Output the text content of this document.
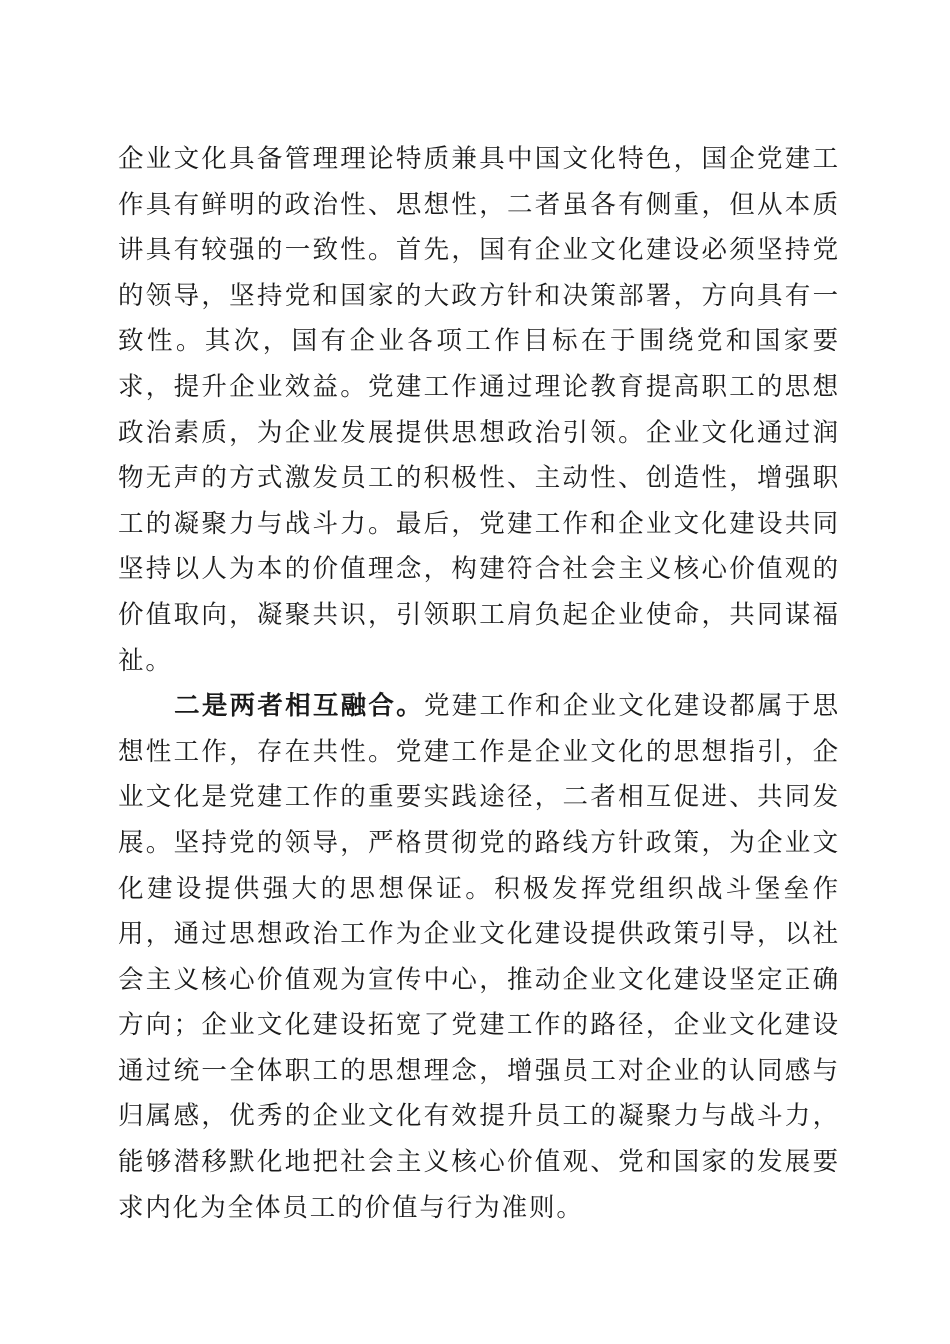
企业文化具备管理理论特质兼具中国文化特色，国企党建工作具有鲜明的政治性、思想性，二者虽各有侧重，但从本质讲具有较强的一致性。首先，国有企业文化建设必须坚持党的领导，坚持党和国家的大政方针和决策部署，方向具有一致性。其次，国有企业各项工作目标在于围绕党和国家要求，提升企业效益。党建工作通过理论教育提高职工的思想政治素质，为企业发展提供思想政治引领。企业文化通过润物无声的方式激发员工的积极性、主动性、创造性，增强职工的凝聚力与战斗力。最后，党建工作和企业文化建设共同坚持以人为本的价值理念，构建符合社会主义核心价值观的价值取向，凝聚共识，引领职工肩负起企业使命，共同谋福祉。

二是两者相互融合。党建工作和企业文化建设都属于思想性工作，存在共性。党建工作是企业文化的思想指引，企业文化是党建工作的重要实践途径，二者相互促进、共同发展。坚持党的领导，严格贯彻党的路线方针政策，为企业文化建设提供强大的思想保证。积极发挥党组织战斗堡垒作用，通过思想政治工作为企业文化建设提供政策引导，以社会主义核心价值观为宣传中心，推动企业文化建设坚定正确方向；企业文化建设拓宽了党建工作的路径，企业文化建设通过统一全体职工的思想理念，增强员工对企业的认同感与归属感，优秀的企业文化有效提升员工的凝聚力与战斗力，能够潜移默化地把社会主义核心价值观、党和国家的发展要求内化为全体员工的价值与行为准则。
